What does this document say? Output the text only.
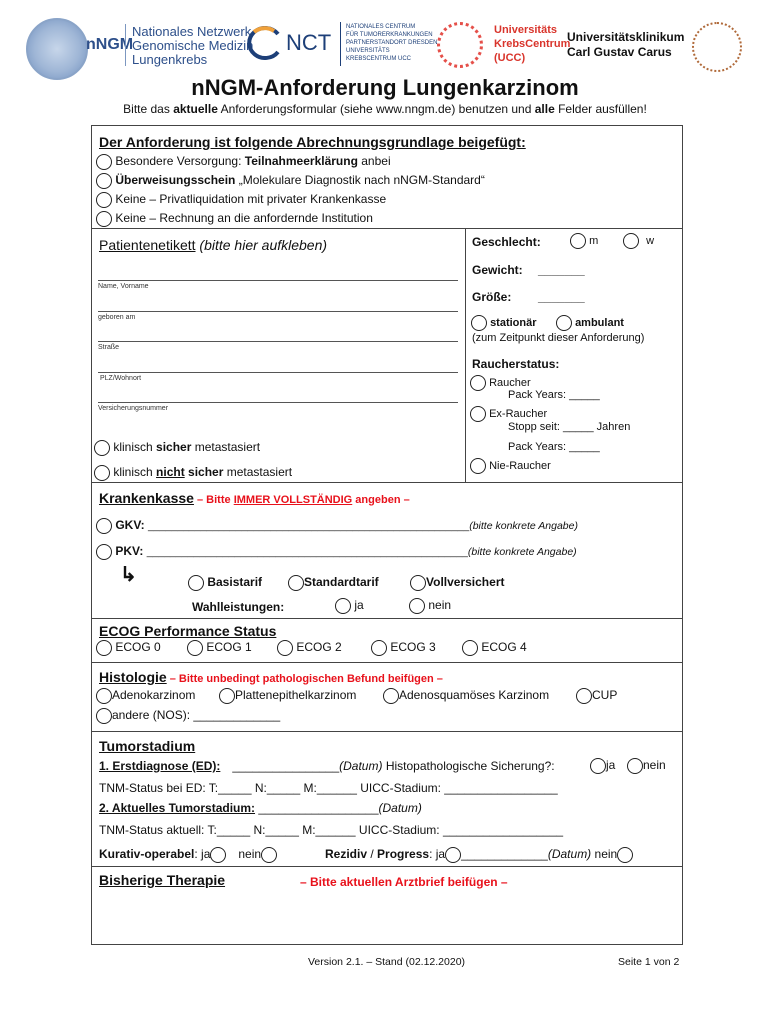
nNGM
Nationales Netzwerk
Genomische Medizin
Lungenkrebs
NCT
NATIONALES CENTRUM
FÜR TUMORERKRANKUNGEN
PARTNERSTANDORT DRESDEN
UNIVERSITÄTS
KREBSCENTRUM UCC
Universitäts
KrebsCentrum
(UCC)
Universitätsklinikum
Carl Gustav Carus
nNGM-Anforderung Lungenkarzinom
Bitte das aktuelle Anforderungsformular (siehe www.nngm.de) benutzen und alle Felder ausfüllen!
Der Anforderung ist folgende Abrechnungsgrundlage beigefügt:
Besondere Versorgung: Teilnahmeerklärung anbei
Überweisungsschein „Molekulare Diagnostik nach nNGM-Standard“
Keine – Privatliquidation mit privater Krankenkasse
Keine – Rechnung an die anfordernde Institution
Patientenetikett (bitte hier aufkleben)
Name, Vorname
geboren am
Straße
PLZ/Wohnort
Versicherungsnummer
klinisch sicher metastasiert
klinisch nicht sicher metastasiert
Geschlecht:	m	w
Gewicht: _______
Größe: _______
stationär	ambulant
(zum Zeitpunkt dieser Anforderung)
Raucherstatus:
Raucher
Pack Years: _____
Ex-Raucher
Stopp seit: _____ Jahren
Pack Years: _____
Nie-Raucher
Krankenkasse – Bitte IMMER VOLLSTÄNDIG angeben –
GKV: _______________________________________________________(bitte konkrete Angabe)
PKV: _______________________________________________________(bitte konkrete Angabe)
↳	Basistarif	Standardtarif	Vollversichert
Wahlleistungen:	ja	nein
ECOG Performance Status
ECOG 0	ECOG 1	ECOG 2	ECOG 3	ECOG 4
Histologie – Bitte unbedingt pathologischen Befund beifügen –
Adenokarzinom	Plattenepithelkarzinom	Adenosquamöses Karzinom	CUP
andere (NOS): _____________
Tumorstadium
1. Erstdiagnose (ED): ________________(Datum) Histopathologische Sicherung?:	ja	nein
TNM-Status bei ED: T:_____ N:_____ M:______ UICC-Stadium: _________________
2. Aktuelles Tumorstadium: __________________(Datum)
TNM-Status aktuell: T:_____ N:_____ M:______ UICC-Stadium: __________________
Kurativ-operabel: ja nein	Rezidiv / Progress: ja _____________(Datum) nein
Bisherige Therapie	– Bitte aktuellen Arztbrief beifügen –
Version 2.1. – Stand (02.12.2020)	Seite 1 von 2
